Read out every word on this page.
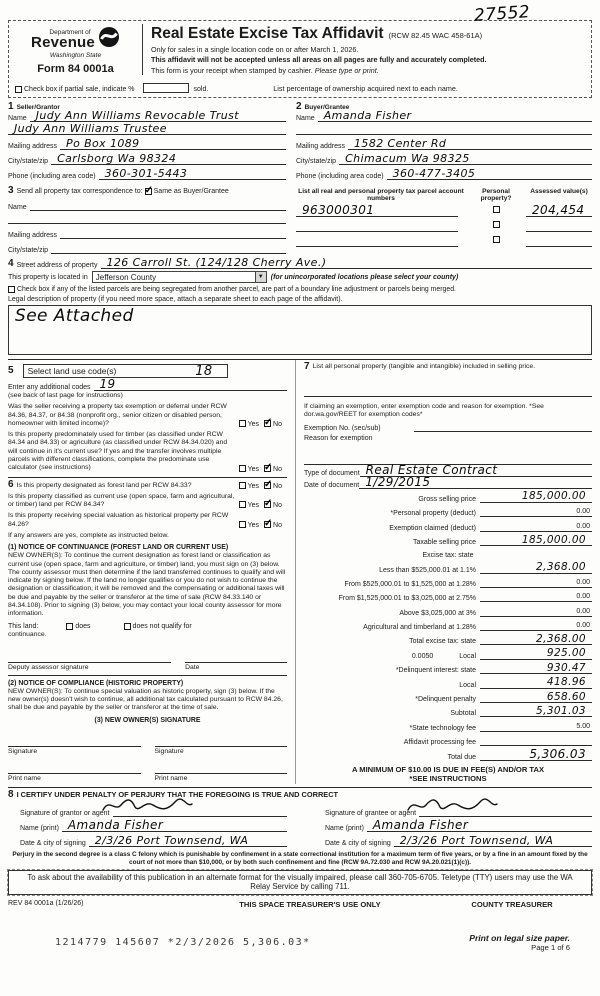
27552
Department of
Revenue
Washington State
Form 84 0001a
Real Estate Excise Tax Affidavit (RCW 82.45 WAC 458-61A)
Only for sales in a single location code on or after March 1, 2026.
This affidavit will not be accepted unless all areas on all pages are fully and accurately completed.
This form is your receipt when stamped by cashier. Please type or print.
Check box if partial sale, indicate %	sold.	List percentage of ownership acquired next to each name.
1 Seller/Grantor
Name Judy Ann Williams Revocable Trust
Judy Ann Williams Trustee
Mailing address Po Box 1089
City/state/zip Carlsborg Wa 98324
Phone (including area code) 360-301-5443
2 Buyer/Grantee
Name Amanda Fisher
Mailing address 1582 Center Rd
City/state/zip Chimacum Wa 98325
Phone (including area code) 360-477-3405
3 Send all property tax correspondence to: ✓ Same as Buyer/Grantee
Name
Mailing address
City/state/zip
List all real and personal property tax parcel account numbers
Personal property?
Assessed value(s)
963000301	204,454
4 Street address of property 126 Carroll St. (124/128 Cherry Ave.)
This property is located in Jefferson County	▼ (for unincorporated locations please select your county)
Check box if any of the listed parcels are being segregated from another parcel, are part of a boundary line adjustment or parcels being merged.
Legal description of property (if you need more space, attach a separate sheet to each page of the affidavit).
See Attached
5 Select land use code(s)	18
Enter any additional codes 19
(see back of last page for instructions)
Was the seller receiving a property tax exemption or deferral under RCW 84.36, 84.37, or 84.38 (nonprofit org., senior citizen or disabled person, homeowner with limited income)?	Yes ✓ No
Is this property predominately used for timber (as classified under RCW 84.34 and 84.33) or agriculture (as classified under RCW 84.34.020) and will continue in it's current use? If yes and the transfer involves multiple parcels with different classifications, complete the predominate use calculator (see instructions)	Yes ✓ No
6 Is this property designated as forest land per RCW 84.33?	Yes ✓ No
Is this property classified as current use (open space, farm and agricultural, or timber) land per RCW 84.34?	Yes ✓ No
Is this property receiving special valuation as historical property per RCW 84.26?	Yes ✓ No
If any answers are yes, complete as instructed below.
(1) NOTICE OF CONTINUANCE (FOREST LAND OR CURRENT USE)
NEW OWNER(S): To continue the current designation as forest land or classification as current use (open space, farm and agriculture, or timber) land, you must sign on (3) below. The county assessor must then determine if the land transferred continues to qualify and will indicate by signing below. If the land no longer qualifies or you do not wish to continue the designation or classification, it will be removed and the compensating or additional taxes will be due and payable by the seller or transferor at the time of sale (RCW 84.33.140 or 84.34.108). Prior to signing (3) below, you may contact your local county assessor for more information.
This land:	does	does not qualify for
continuance.
Deputy assessor signature	Date
(2) NOTICE OF COMPLIANCE (HISTORIC PROPERTY)
NEW OWNER(S): To continue special valuation as historic property, sign (3) below. If the new owner(s) doesn't wish to continue, all additional tax calculated pursuant to RCW 84.26, shall be due and payable by the seller or transferor at the time of sale.
(3) NEW OWNER(S) SIGNATURE
Signature	Signature
Print name	Print name
7 List all personal property (tangible and intangible) included in selling price.
If claiming an exemption, enter exemption code and reason for exemption. *See dor.wa.gov/REET for exemption codes*
Exemption No. (sec/sub)
Reason for exemption
Type of document Real Estate Contract
Date of document 1/29/2015
Gross selling price	185,000.00
*Personal property (deduct)	0.00
Exemption claimed (deduct)	0.00
Taxable selling price	185,000.00
Excise tax: state
Less than $525,000.01 at 1.1%	2,368.00
From $525,000.01 to $1,525,000 at 1.28%	0.00
From $1,525,000.01 to $3,025,000 at 2.75%	0.00
Above $3,025,000 at 3%	0.00
Agricultural and timberland at 1.28%	0.00
Total excise tax: state	2,368.00
0.0050	Local	925.00
*Delinquent interest: state	930.47
Local	418.96
*Delinquent penalty	658.60
Subtotal	5,301.03
*State technology fee	5.00
Affidavit processing fee
Total due	5,306.03
A MINIMUM OF $10.00 IS DUE IN FEE(S) AND/OR TAX
*SEE INSTRUCTIONS
8 I CERTIFY UNDER PENALTY OF PERJURY THAT THE FOREGOING IS TRUE AND CORRECT
Signature of grantor or agent
Name (print) Amanda Fisher
Date & city of signing 2/3/26 Port Townsend, WA
Signature of grantee or agent
Name (print) Amanda Fisher
Date & city of signing 2/3/26 Port Townsend, WA
Perjury in the second degree is a class C felony which is punishable by confinement in a state correctional institution for a maximum term of five years, or by a fine in an amount fixed by the court of not more than $10,000, or by both such confinement and fine (RCW 9A.72.030 and RCW 9A.20.021(1)(c)).
To ask about the availability of this publication in an alternate format for the visually impaired, please call 360-705-6705. Teletype (TTY) users may use the WA Relay Service by calling 711.
REV 84 0001a (1/26/26)	THIS SPACE TREASURER'S USE ONLY	COUNTY TREASURER
1214779 145607 *2/3/2026 5,306.03*	Print on legal size paper.
Page 1 of 6
